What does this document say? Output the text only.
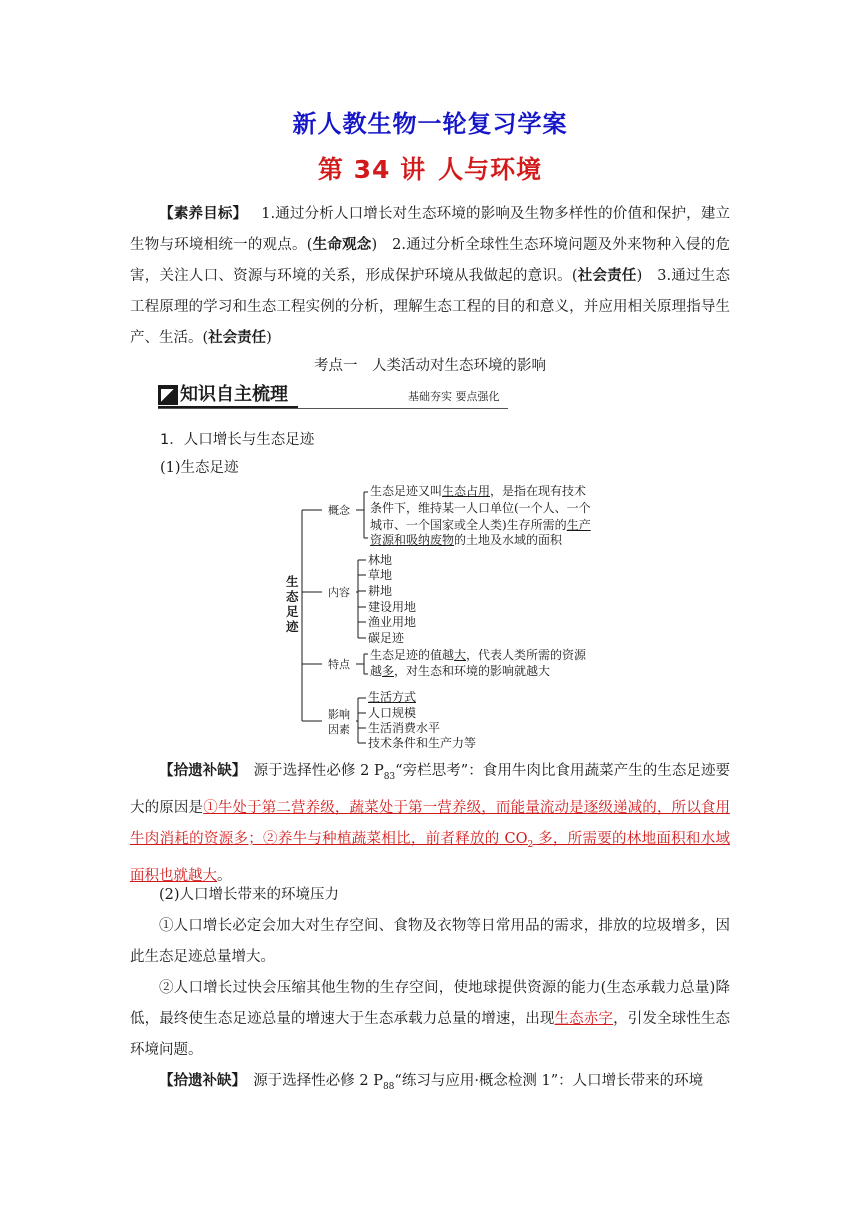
新人教生物一轮复习学案
第 34 讲 人与环境
【素养目标】 1.通过分析人口增长对生态环境的影响及生物多样性的价值和保护，建立生物与环境相统一的观点。(生命观念)　2.通过分析全球性生态环境问题及外来物种入侵的危害，关注人口、资源与环境的关系，形成保护环境从我做起的意识。(社会责任)　3.通过生态工程原理的学习和生态工程实例的分析，理解生态工程的目的和意义，并应用相关原理指导生产、生活。(社会责任)
考点一　人类活动对生态环境的影响
知识自主梳理	基础夯实 要点强化
1．人口增长与生态足迹
(1)生态足迹
生
态
足
迹
概念
生态足迹又叫生态占用，是指在现有技术
条件下，维持某一人口单位(一个人、一个
城市、一个国家或全人类)生存所需的生产
资源和吸纳废物的土地及水域的面积
内容
林地
草地
耕地
建设用地
渔业用地
碳足迹
特点
生态足迹的值越大，代表人类所需的资源
越多，对生态和环境的影响就越大
影响
因素
生活方式
人口规模
生活消费水平
技术条件和生产力等
【拾遗补缺】　源于选择性必修 2 $P_{83}“$旁栏思考”：食用牛肉比食用蔬菜产生的生态足迹要大的原因是①牛处于第二营养级，蔬菜处于第一营养级，而能量流动是逐级递减的，所以食用牛肉消耗的资源多；②养牛与种植蔬菜相比，前者释放的 $CO_2$ 多，所需要的林地面积和水域面积也就越大。
(2)人口增长带来的环境压力
①人口增长必定会加大对生存空间、食物及衣物等日常用品的需求，排放的垃圾增多，因此生态足迹总量增大。
②人口增长过快会压缩其他生物的生存空间，使地球提供资源的能力(生态承载力总量)降低，最终使生态足迹总量的增速大于生态承载力总量的增速，出现生态赤字，引发全球性生态环境问题。
【拾遗补缺】　源于选择性必修 2 $P_{88}“$练习与应用·概念检测 1”：人口增长带来的环境
